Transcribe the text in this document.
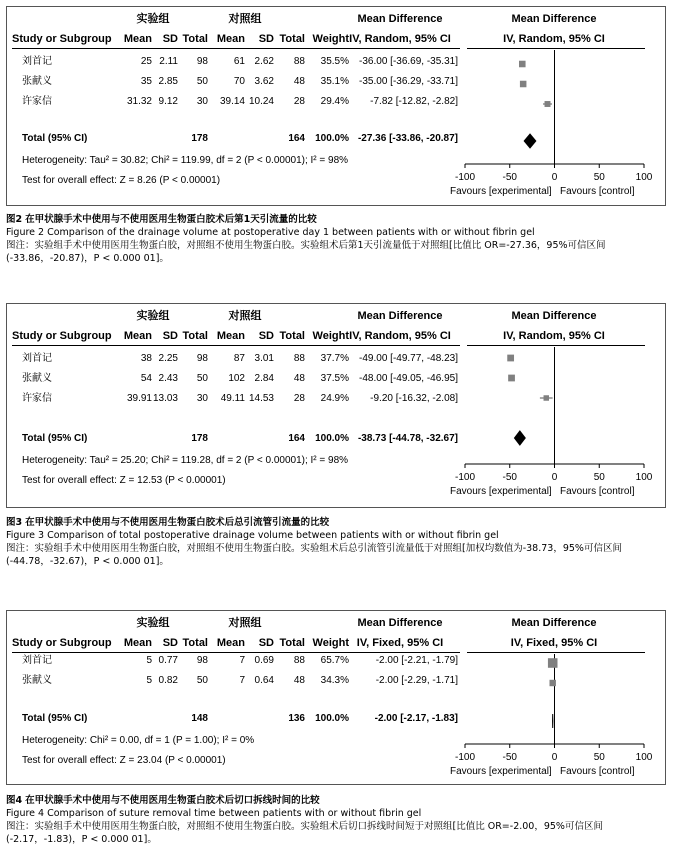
实验组	对照组	Mean Difference	Mean Difference
Study or Subgroup	Mean SD Total Mean	SD Total Weight IV, Random, 95% CI	IV, Random, 95% CI
刘首记	25 2.11	98	61 2.62	88	35.5%	-36.00 [-36.69, -35.31]
张献义	35 2.85	50	70 3.62	48	35.1%	-35.00 [-36.29, -33.71]
许家信	31.32 9.12	30	39.14 10.24	28	29.4%	-7.82 [-12.82, -2.82]
Total (95% CI)	178	164	100.0% -27.36 [-33.86, -20.87]
Heterogeneity: Tau² = 30.82; Chi² = 119.99, df = 2 (P < 0.00001); I² = 98%
Test for overall effect: Z = 8.26 (P < 0.00001)	-100	-50	0	50	100
Favours [experimental] Favours [control]
图2 在甲状腺手术中使用与不使用医用生物蛋白胶术后第1天引流量的比较
Figure 2 Comparison of the drainage volume at postoperative day 1 between patients with or without fibrin gel
图注：实验组手术中使用医用生物蛋白胶，对照组不使用生物蛋白胶。实验组术后第1天引流量低于对照组[比值比 OR=-27.36，95%可信区间(-33.86，-20.87)，P < 0.000 01]。
实验组	对照组	Mean Difference	Mean Difference
Study or Subgroup	Mean SD Total Mean	SD Total Weight IV, Random, 95% CI	IV, Random, 95% CI
刘首记	38 2.25	98	87 3.01	88	37.7%	-49.00 [-49.77, -48.23]
张献义	54 2.43	50	102 2.84	48	37.5%	-48.00 [-49.05, -46.95]
许家信	39.91 13.03	30	49.11 14.53	28	24.9%	-9.20 [-16.32, -2.08]
Total (95% CI)	178	164	100.0% -38.73 [-44.78, -32.67]
Heterogeneity: Tau² = 25.20; Chi² = 119.28, df = 2 (P < 0.00001); I² = 98%
Test for overall effect: Z = 12.53 (P < 0.00001)	-100	-50	0	50	100
Favours [experimental] Favours [control]
图3 在甲状腺手术中使用与不使用医用生物蛋白胶术后总引流管引流量的比较
Figure 3 Comparison of total postoperative drainage volume between patients with or without fibrin gel
图注：实验组手术中使用医用生物蛋白胶，对照组不使用生物蛋白胶。实验组术后总引流管引流量低于对照组[加权均数值为-38.73，95%可信区间(-44.78，-32.67)，P < 0.000 01]。
实验组	对照组	Mean Difference	Mean Difference
Study or Subgroup	Mean SD Total Mean	SD Total Weight IV, Fixed, 95% CI	IV, Fixed, 95% CI
刘首记	5 0.77	98	7 0.69	88	65.7%	-2.00 [-2.21, -1.79]
张献义	5 0.82	50	7 0.64	48	34.3%	-2.00 [-2.29, -1.71]
Total (95% CI)	148	136	100.0%	-2.00 [-2.17, -1.83]
Heterogeneity: Chi² = 0.00, df = 1 (P = 1.00); I² = 0%
Test for overall effect: Z = 23.04 (P < 0.00001)	-100	-50	0	50	100
Favours [experimental] Favours [control]
图4 在甲状腺手术中使用与不使用医用生物蛋白胶术后切口拆线时间的比较
Figure 4 Comparison of suture removal time between patients with or without fibrin gel
图注：实验组手术中使用医用生物蛋白胶，对照组不使用生物蛋白胶。实验组术后切口拆线时间短于对照组[比值比 OR=-2.00，95%可信区间(-2.17，-1.83)，P < 0.000 01]。
